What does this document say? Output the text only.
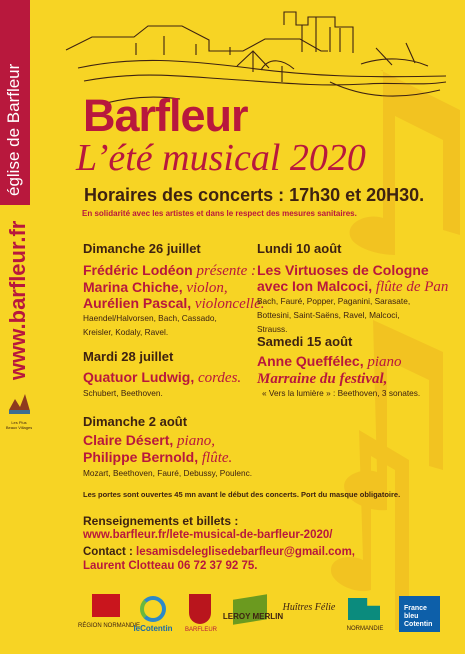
église de Barfleur
www.barfleur.fr
Les Plus
Beaux Villages
Barfleur
L’été musical 2020
Horaires des concerts : 17h30 et 20H30.
En solidarité avec les artistes et dans le respect des mesures sanitaires.
Dimanche 26 juillet
Frédéric Lodéon présente :
Marina Chiche, violon,
Aurélien Pascal, violoncelle.
Haendel/Halvorsen, Bach, Cassado, Kreisler, Kodaly, Ravel.
Mardi 28 juillet
Quatuor Ludwig, cordes.
Schubert, Beethoven.
Dimanche 2 août
Claire Désert, piano,
Philippe Bernold, flûte.
Mozart, Beethoven, Fauré, Debussy, Poulenc.
Lundi 10 août
Les Virtuoses de Cologne
avec Ion Malcoci, flûte de Pan
Bach, Fauré, Popper, Paganini, Sarasate, Bottesini, Saint-Saëns, Ravel, Malcoci, Strauss.
Samedi 15 août
Anne Queffélec, piano
Marraine du festival,
« Vers la lumière » : Beethoven, 3 sonates.
Les portes sont ouvertes 45 mn avant le début des concerts. Port du masque obligatoire.
Renseignements et billets :
www.barfleur.fr/lete-musical-de-barfleur-2020/
Contact : lesamisdeleglisedebarfleur@gmail.com,
Laurent Clotteau 06 72 37 92 75.
RÉGION NORMANDIE
leCotentin	BARFLEUR
LEROY MERLIN
Huîtres Félie
NORMANDIE
France bleu Cotentin
